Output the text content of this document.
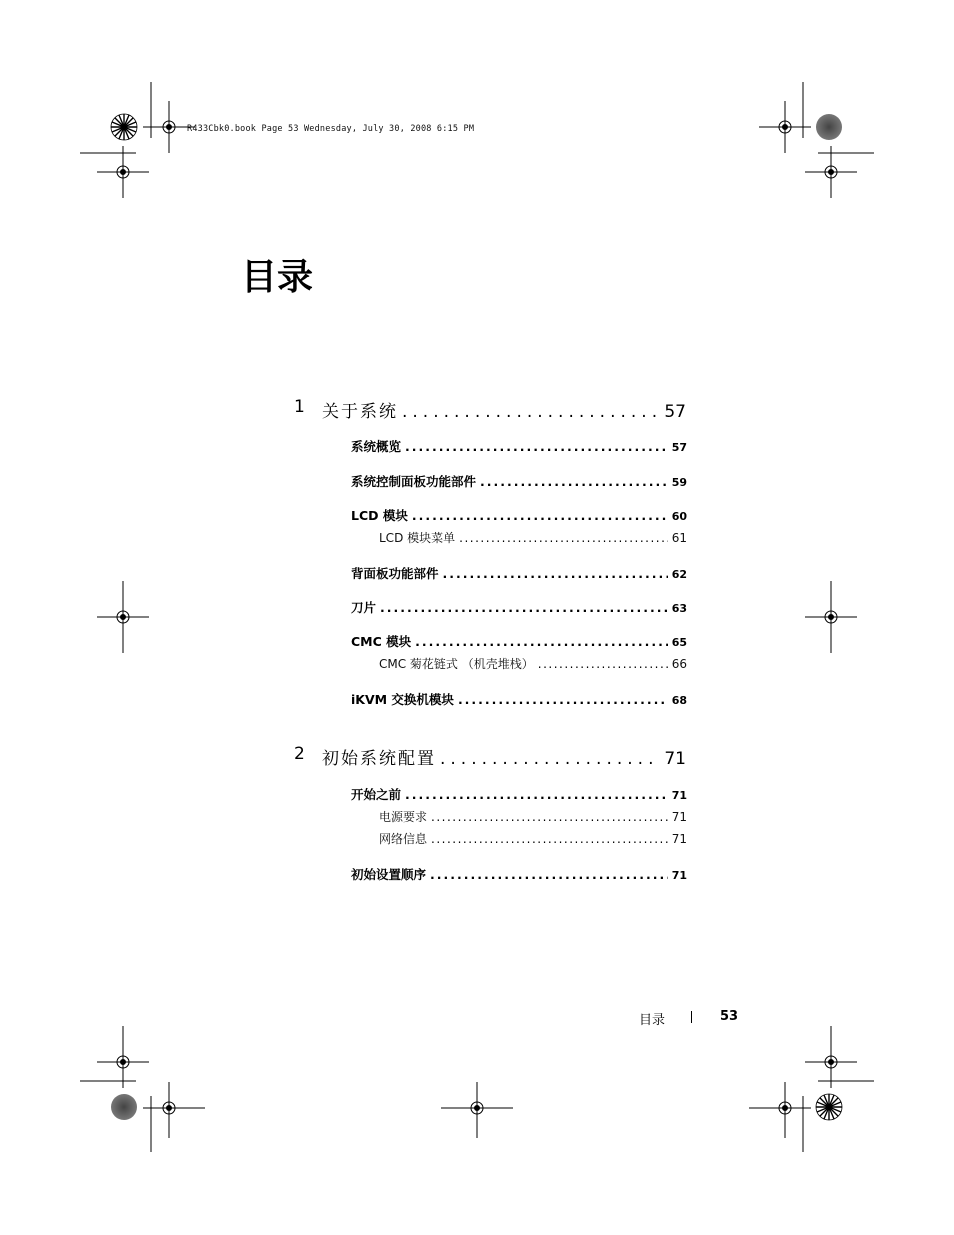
R433Cbk0.book Page 53 Wednesday, July 30, 2008 6:15 PM
目录
1 关于系统 .....	57
系统概览 .....	57
系统控制面板功能部件 .....	59
LCD 模块 .....	60
LCD 模块菜单 .....	61
背面板功能部件 .....	62
刀片 .....	63
CMC 模块 .....	65
CMC 菊花链式 （机壳堆栈） .....	66
iKVM 交换机模块 .....	68
2 初始系统配置 .....	71
开始之前 .....	71
电源要求 .....	71
网络信息 .....	71
初始设置顺序 .....	71
目录	53
